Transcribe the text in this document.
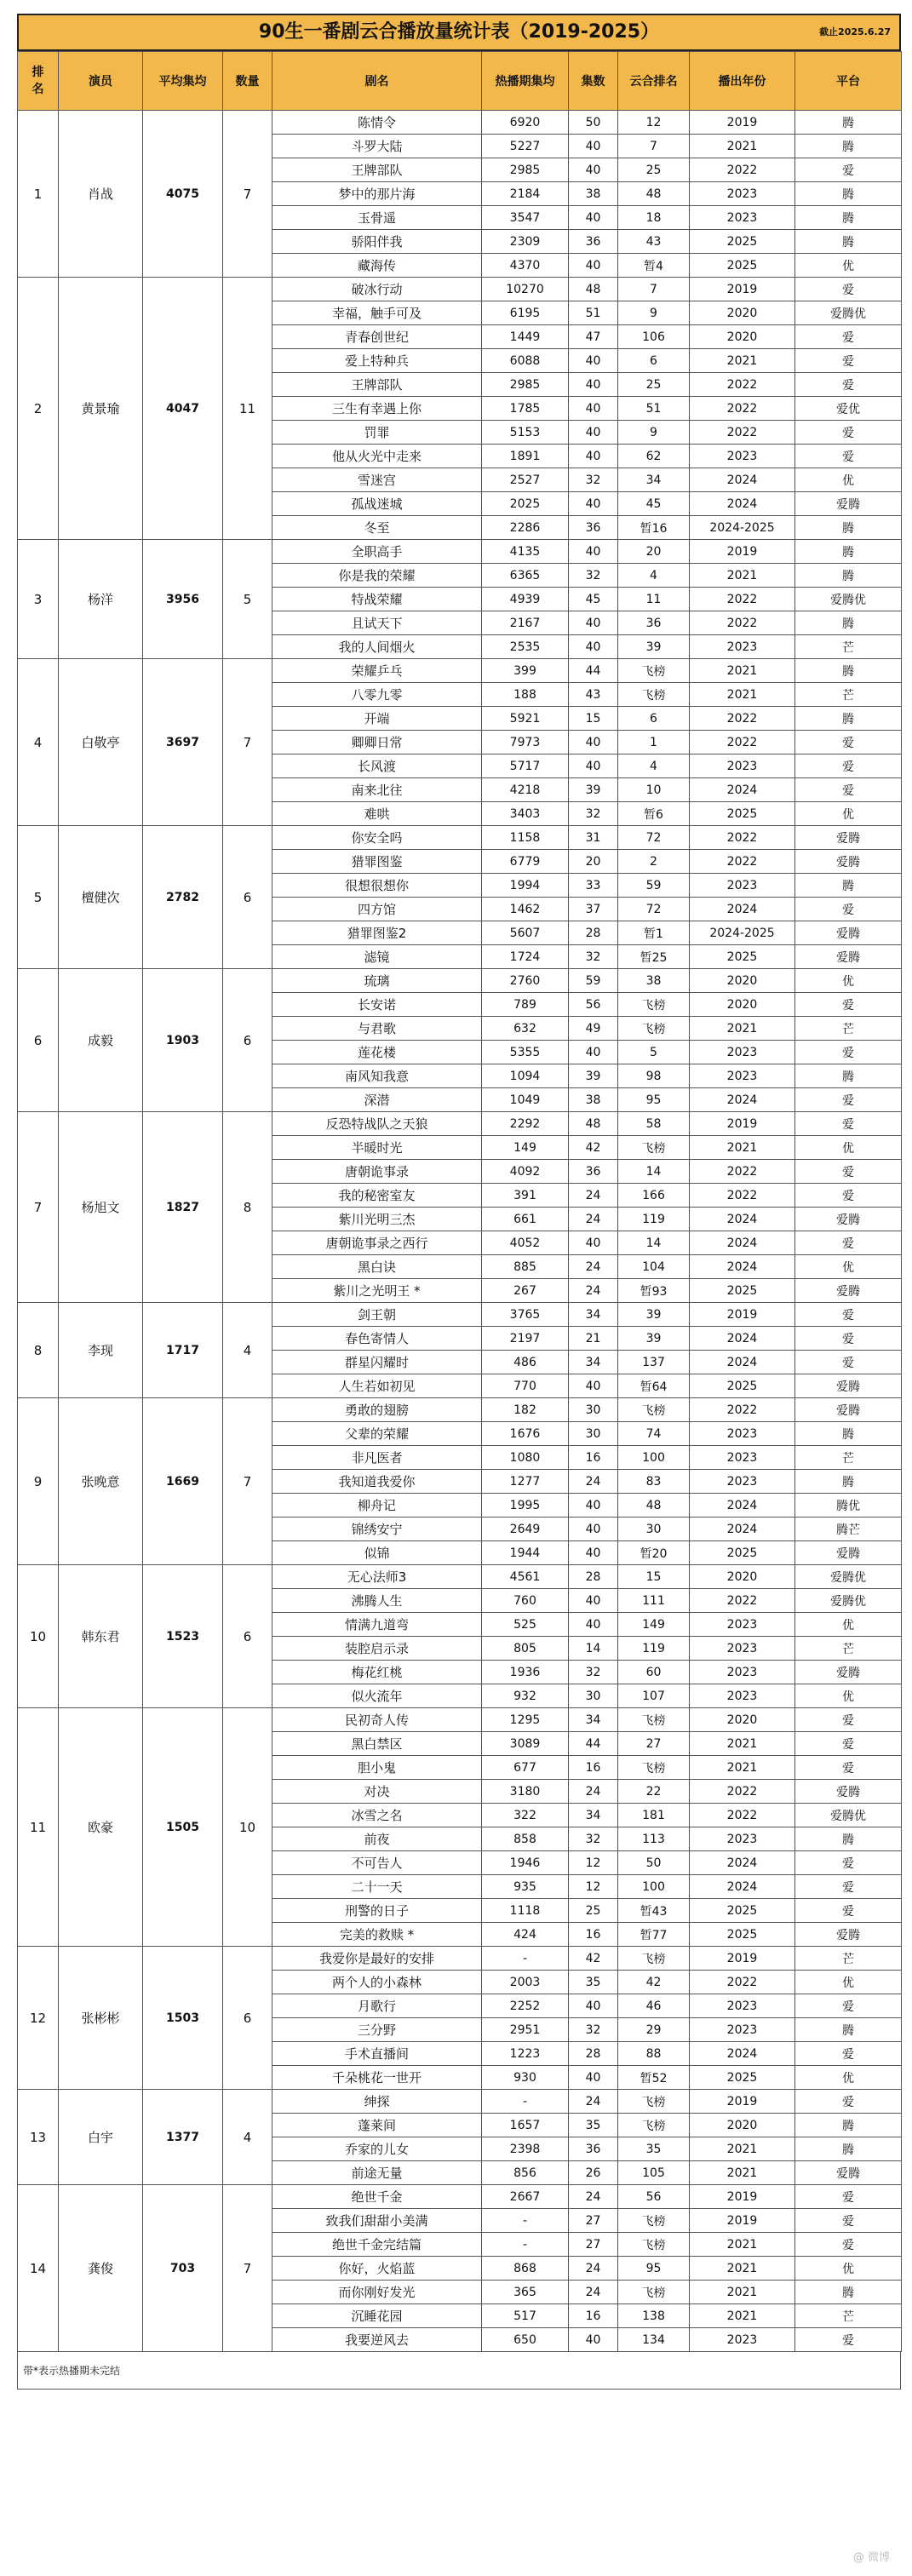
90生一番剧云合播放量统计表（2019-2025）	截止2025.6.27
排名	演员	平均集均	数量	剧名	热播期集均	集数	云合排名	播出年份	平台
1	肖战	4075	7	陈情令	6920	50	12	2019	腾
				斗罗大陆	5227	40	7	2021	腾
				王牌部队	2985	40	25	2022	爱
				梦中的那片海	2184	38	48	2023	腾
				玉骨遥	3547	40	18	2023	腾
				骄阳伴我	2309	36	43	2025	腾
				藏海传	4370	40	暂4	2025	优
2	黄景瑜	4047	11	破冰行动	10270	48	7	2019	爱
				幸福，触手可及	6195	51	9	2020	爱腾优
				青春创世纪	1449	47	106	2020	爱
				爱上特种兵	6088	40	6	2021	爱
				王牌部队	2985	40	25	2022	爱
				三生有幸遇上你	1785	40	51	2022	爱优
				罚罪	5153	40	9	2022	爱
				他从火光中走来	1891	40	62	2023	爱
				雪迷宫	2527	32	34	2024	优
				孤战迷城	2025	40	45	2024	爱腾
				冬至	2286	36	暂16	2024-2025	腾
3	杨洋	3956	5	全职高手	4135	40	20	2019	腾
				你是我的荣耀	6365	32	4	2021	腾
				特战荣耀	4939	45	11	2022	爱腾优
				且试天下	2167	40	36	2022	腾
				我的人间烟火	2535	40	39	2023	芒
4	白敬亭	3697	7	荣耀乒乓	399	44	飞榜	2021	腾
				八零九零	188	43	飞榜	2021	芒
				开端	5921	15	6	2022	腾
				卿卿日常	7973	40	1	2022	爱
				长风渡	5717	40	4	2023	爱
				南来北往	4218	39	10	2024	爱
				难哄	3403	32	暂6	2025	优
5	檀健次	2782	6	你安全吗	1158	31	72	2022	爱腾
				猎罪图鉴	6779	20	2	2022	爱腾
				很想很想你	1994	33	59	2023	腾
				四方馆	1462	37	72	2024	爱
				猎罪图鉴2	5607	28	暂1	2024-2025	爱腾
				滤镜	1724	32	暂25	2025	爱腾
6	成毅	1903	6	琉璃	2760	59	38	2020	优
				长安诺	789	56	飞榜	2020	爱
				与君歌	632	49	飞榜	2021	芒
				莲花楼	5355	40	5	2023	爱
				南风知我意	1094	39	98	2023	腾
				深潜	1049	38	95	2024	爱
7	杨旭文	1827	8	反恐特战队之天狼	2292	48	58	2019	爱
				半暖时光	149	42	飞榜	2021	优
				唐朝诡事录	4092	36	14	2022	爱
				我的秘密室友	391	24	166	2022	爱
				紫川光明三杰	661	24	119	2024	爱腾
				唐朝诡事录之西行	4052	40	14	2024	爱
				黑白诀	885	24	104	2024	优
				紫川之光明王 *	267	24	暂93	2025	爱腾
8	李现	1717	4	剑王朝	3765	34	39	2019	爱
				春色寄情人	2197	21	39	2024	爱
				群星闪耀时	486	34	137	2024	爱
				人生若如初见	770	40	暂64	2025	爱腾
9	张晚意	1669	7	勇敢的翅膀	182	30	飞榜	2022	爱腾
				父辈的荣耀	1676	30	74	2023	腾
				非凡医者	1080	16	100	2023	芒
				我知道我爱你	1277	24	83	2023	腾
				柳舟记	1995	40	48	2024	腾优
				锦绣安宁	2649	40	30	2024	腾芒
				似锦	1944	40	暂20	2025	爱腾
10	韩东君	1523	6	无心法师3	4561	28	15	2020	爱腾优
				沸腾人生	760	40	111	2022	爱腾优
				情满九道弯	525	40	149	2023	优
				装腔启示录	805	14	119	2023	芒
				梅花红桃	1936	32	60	2023	爱腾
				似火流年	932	30	107	2023	优
11	欧豪	1505	10	民初奇人传	1295	34	飞榜	2020	爱
				黑白禁区	3089	44	27	2021	爱
				胆小鬼	677	16	飞榜	2021	爱
				对决	3180	24	22	2022	爱腾
				冰雪之名	322	34	181	2022	爱腾优
				前夜	858	32	113	2023	腾
				不可告人	1946	12	50	2024	爱
				二十一天	935	12	100	2024	爱
				刑警的日子	1118	25	暂43	2025	爱
				完美的救赎 *	424	16	暂77	2025	爱腾
12	张彬彬	1503	6	我爱你是最好的安排	-	42	飞榜	2019	芒
				两个人的小森林	2003	35	42	2022	优
				月歌行	2252	40	46	2023	爱
				三分野	2951	32	29	2023	腾
				手术直播间	1223	28	88	2024	爱
				千朵桃花一世开	930	40	暂52	2025	优
13	白宇	1377	4	绅探	-	24	飞榜	2019	爱
				蓬莱间	1657	35	飞榜	2020	腾
				乔家的儿女	2398	36	35	2021	腾
				前途无量	856	26	105	2021	爱腾
14	龚俊	703	7	绝世千金	2667	24	56	2019	爱
				致我们甜甜小美满	-	27	飞榜	2019	爱
				绝世千金完结篇	-	27	飞榜	2021	爱
				你好，火焰蓝	868	24	95	2021	优
				而你刚好发光	365	24	飞榜	2021	腾
				沉睡花园	517	16	138	2021	芒
				我要逆风去	650	40	134	2023	爱
带*表示热播期未完结
@ 微博
